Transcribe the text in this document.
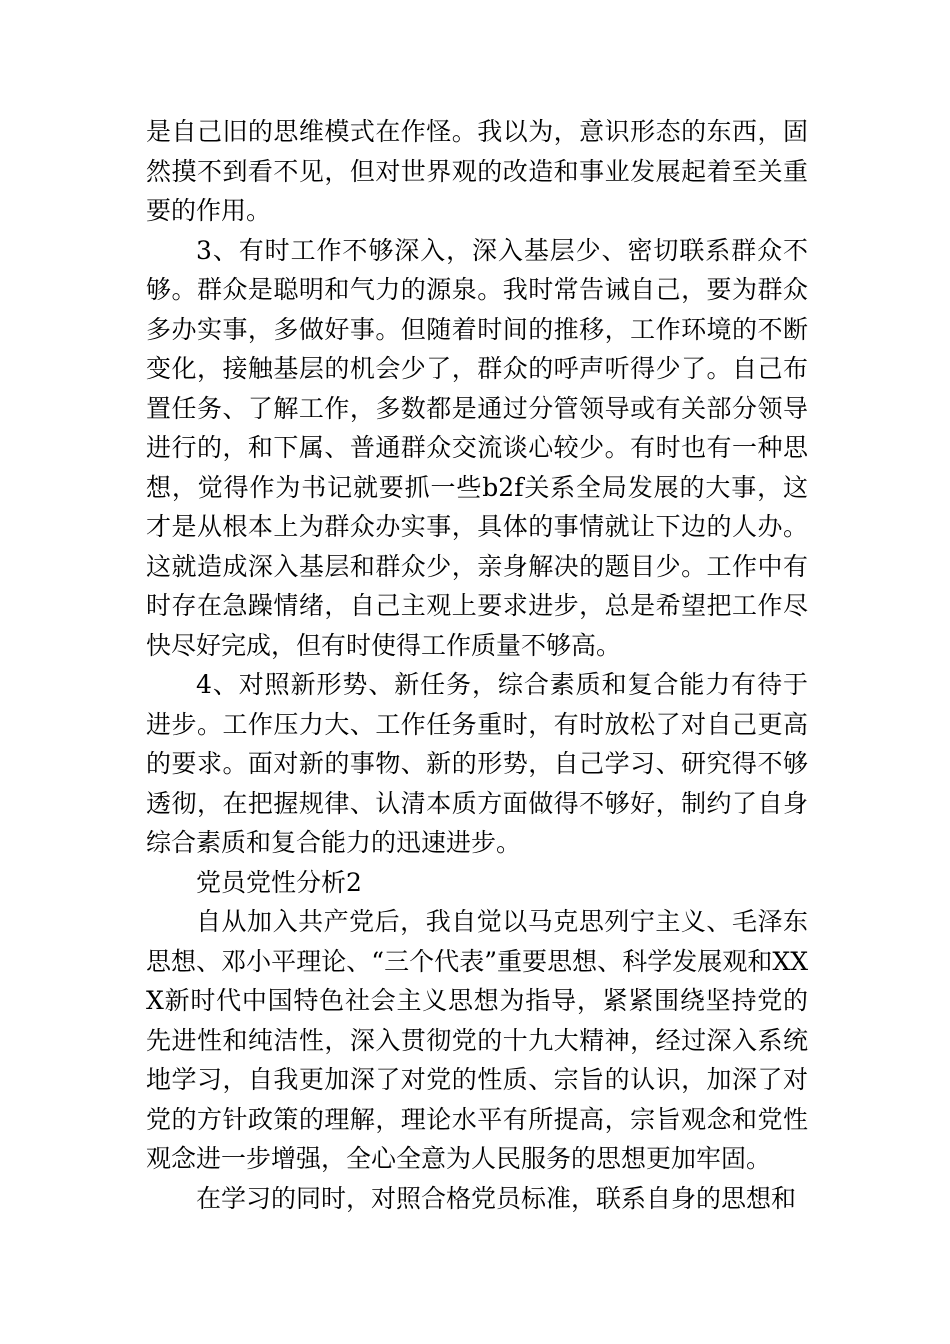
是自己旧的思维模式在作怪。我以为，意识形态的东西，固然摸不到看不见，但对世界观的改造和事业发展起着至关重要的作用。

3、有时工作不够深入，深入基层少、密切联系群众不够。群众是聪明和气力的源泉。我时常告诫自己，要为群众多办实事，多做好事。但随着时间的推移，工作环境的不断变化，接触基层的机会少了，群众的呼声听得少了。自己布置任务、了解工作，多数都是通过分管领导或有关部分领导进行的，和下属、普通群众交流谈心较少。有时也有一种思想，觉得作为书记就要抓一些b2f关系全局发展的大事，这才是从根本上为群众办实事，具体的事情就让下边的人办。这就造成深入基层和群众少，亲身解决的题目少。工作中有时存在急躁情绪，自己主观上要求进步，总是希望把工作尽快尽好完成，但有时使得工作质量不够高。

4、对照新形势、新任务，综合素质和复合能力有待于进步。工作压力大、工作任务重时，有时放松了对自己更高的要求。面对新的事物、新的形势，自己学习、研究得不够透彻，在把握规律、认清本质方面做得不够好，制约了自身综合素质和复合能力的迅速进步。

党员党性分析2

自从加入共产党后，我自觉以马克思列宁主义、毛泽东思想、邓小平理论、“三个代表”重要思想、科学发展观和XXX新时代中国特色社会主义思想为指导，紧紧围绕坚持党的先进性和纯洁性，深入贯彻党的十九大精神，经过深入系统地学习，自我更加深了对党的性质、宗旨的认识，加深了对党的方针政策的理解，理论水平有所提高，宗旨观念和党性观念进一步增强，全心全意为人民服务的思想更加牢固。

在学习的同时，对照合格党员标准，联系自身的思想和
